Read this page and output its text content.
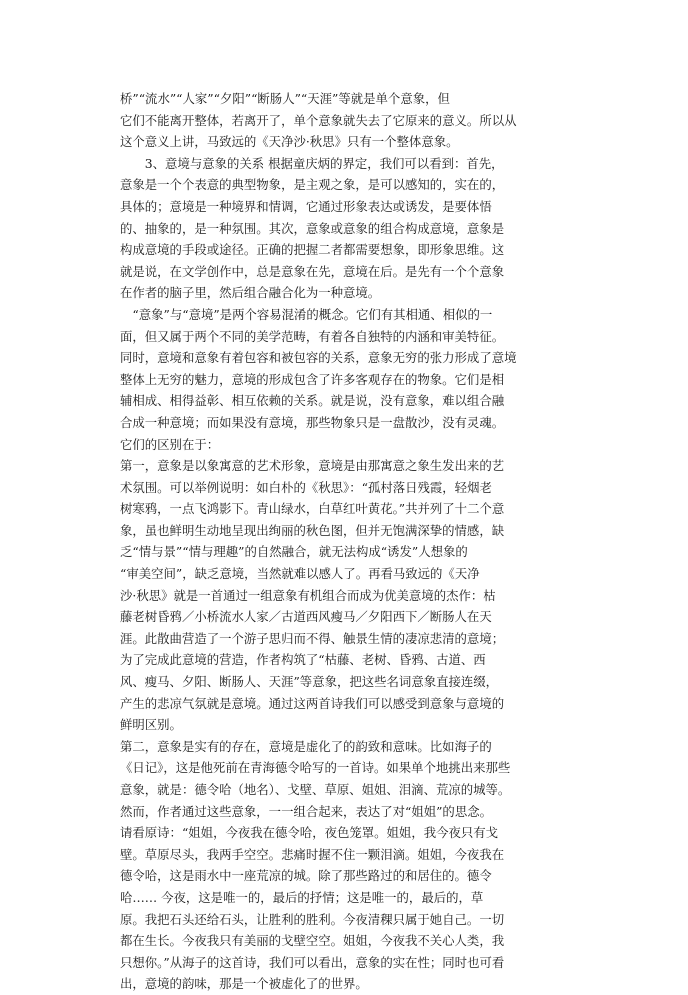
桥”“流水”“人家”“夕阳”“断肠人”“天涯”等就是单个意象，但
它们不能离开整体，若离开了，单个意象就失去了它原来的意义。所以从
这个意义上讲，马致远的《天净沙·秋思》只有一个整体意象。
　　3、意境与意象的关系 根据童庆炳的界定，我们可以看到：首先，
意象是一个个表意的典型物象，是主观之象，是可以感知的，实在的，
具体的；意境是一种境界和情调，它通过形象表达或诱发，是要体悟
的、抽象的，是一种氛围。其次，意象或意象的组合构成意境，意象是
构成意境的手段或途径。正确的把握二者都需要想象，即形象思维。这
就是说，在文学创作中，总是意象在先，意境在后。是先有一个个意象
在作者的脑子里，然后组合融合化为一种意境。
　“意象”与“意境”是两个容易混淆的概念。它们有其相通、相似的一
面，但又属于两个不同的美学范畴，有着各自独特的内涵和审美特征。
同时，意境和意象有着包容和被包容的关系，意象无穷的张力形成了意境
整体上无穷的魅力，意境的形成包含了许多客观存在的物象。它们是相
辅相成、相得益彰、相互依赖的关系。就是说，没有意象，难以组合融
合成一种意境；而如果没有意境，那些物象只是一盘散沙，没有灵魂。
它们的区别在于：
第一，意象是以象寓意的艺术形象，意境是由那寓意之象生发出来的艺
术氛围。可以举例说明：如白朴的《秋思》：“孤村落日残霞，轻烟老
树寒鸦，一点飞鸿影下。青山绿水，白草红叶黄花。”共并列了十二个意
象，虽也鲜明生动地呈现出绚丽的秋色图，但并无饱满深挚的情感，缺
乏“情与景”“情与理趣”的自然融合，就无法构成“诱发”人想象的
“审美空间”，缺乏意境，当然就难以感人了。再看马致远的《天净
沙·秋思》就是一首通过一组意象有机组合而成为优美意境的杰作：枯
藤老树昏鸦／小桥流水人家／古道西风瘦马／夕阳西下／断肠人在天
涯。此散曲营造了一个游子思归而不得、触景生情的凄凉悲清的意境；
为了完成此意境的营造，作者构筑了“枯藤、老树、昏鸦、古道、西
风、瘦马、夕阳、断肠人、天涯”等意象，把这些名词意象直接连缀，
产生的悲凉气氛就是意境。通过这两首诗我们可以感受到意象与意境的
鲜明区别。
第二，意象是实有的存在，意境是虚化了的韵致和意味。比如海子的
《日记》，这是他死前在青海德令哈写的一首诗。如果单个地挑出来那些
意象，就是：德令哈（地名）、戈壁、草原、姐姐、泪滴、荒凉的城等。
然而，作者通过这些意象，一一组合起来，表达了对“姐姐”的思念。
请看原诗：“姐姐，今夜我在德令哈，夜色笼罩。姐姐，我今夜只有戈
壁。草原尽头，我两手空空。悲痛时握不住一颗泪滴。姐姐，今夜我在
德令哈，这是雨水中一座荒凉的城。除了那些路过的和居住的。德令
哈…… 今夜，这是唯一的，最后的抒情；这是唯一的，最后的，草
原。我把石头还给石头，让胜利的胜利。今夜清稞只属于她自己。一切
都在生长。今夜我只有美丽的戈壁空空。姐姐，今夜我不关心人类，我
只想你。”从海子的这首诗，我们可以看出，意象的实在性；同时也可看
出，意境的韵味，那是一个被虚化了的世界。
